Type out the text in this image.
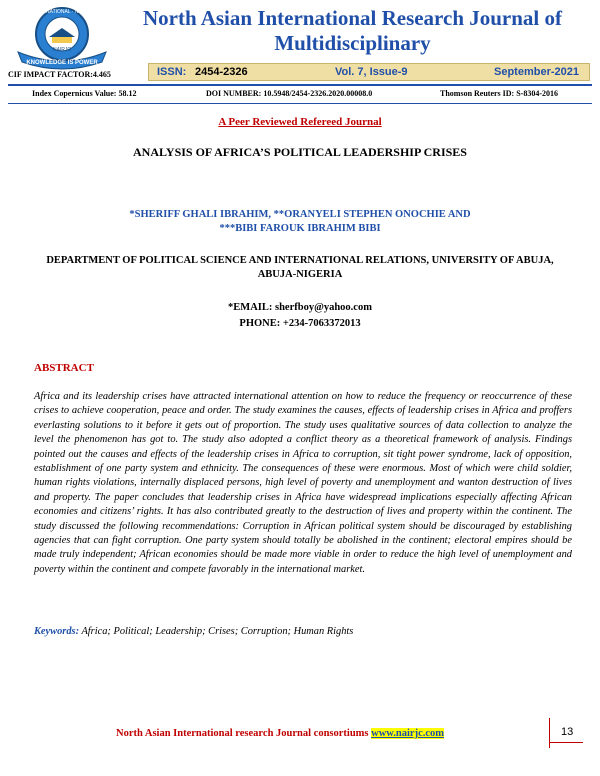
NAIRJC
INTERNATIONAL · NAIRJC
KNOWLEDGE IS POWER
North Asian International Research Journal of Multidisciplinary
CIF IMPACT FACTOR:4.465	ISSN: 2454-2326	Vol. 7, Issue-9	September-2021
Index Copernicus Value: 58.12	DOI NUMBER: 10.5948/2454-2326.2020.00008.0	Thomson Reuters ID: S-8304-2016
A Peer Reviewed Refereed Journal
ANALYSIS OF AFRICA’S POLITICAL LEADERSHIP CRISES
*SHERIFF GHALI IBRAHIM, **ORANYELI STEPHEN ONOCHIE AND
***BIBI FAROUK IBRAHIM BIBI
DEPARTMENT OF POLITICAL SCIENCE AND INTERNATIONAL RELATIONS, UNIVERSITY OF ABUJA, ABUJA-NIGERIA
*EMAIL: sherfboy@yahoo.com
PHONE: +234-7063372013
ABSTRACT

Africa and its leadership crises have attracted international attention on how to reduce the frequency or reoccurrence of these crises to achieve cooperation, peace and order. The study examines the causes, effects of leadership crises in Africa and proffers everlasting solutions to it before it gets out of proportion. The study uses qualitative sources of data collection to analyze the level the phenomenon has got to. The study also adopted a conflict theory as a theoretical framework of analysis. Findings pointed out the causes and effects of the leadership crises in Africa to corruption, sit tight power syndrome, lack of opposition, establishment of one party system and ethnicity. The consequences of these were enormous. Most of which were child soldier, human rights violations, internally displaced persons, high level of poverty and unemployment and wanton destruction of lives and property. The paper concludes that leadership crises in Africa have widespread implications especially affecting African economies and citizens’ rights. It has also contributed greatly to the destruction of lives and property within the continent. The study discussed the following recommendations: Corruption in African political system should be discouraged by establishing agencies that can fight corruption. One party system should totally be abolished in the continent; electoral empires should be made truly independent; African economies should be made more viable in order to reduce the high level of unemployment and poverty within the continent and compete favorably in the international market.

Keywords: Africa; Political; Leadership; Crises; Corruption; Human Rights
North Asian International research Journal consortiums www.nairjc.com	13
